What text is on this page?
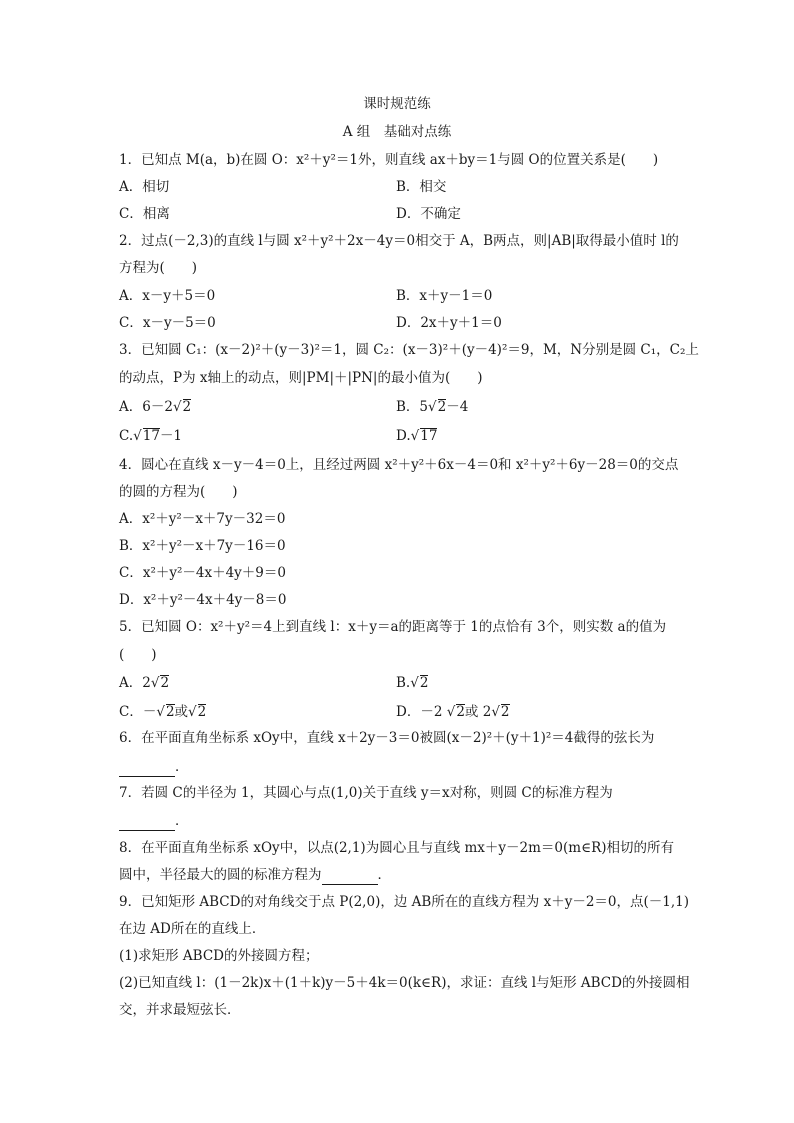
课时规范练
A 组　基础对点练
1．已知点 M(a，b)在圆 O：x²＋y²＝1外，则直线 ax＋by＝1与圆 O的位置关系是(　　)
A．相切	B．相交
C．相离	D．不确定
2．过点(－2,3)的直线 l与圆 x²＋y²＋2x－4y＝0相交于 A，B两点，则|AB|取得最小值时 l的
方程为(　　)
A．x－y＋5＝0	B．x＋y－1＝0
C．x－y－5＝0	D．2x＋y＋1＝0
3．已知圆 C₁：(x－2)²＋(y－3)²＝1，圆 C₂：(x－3)²＋(y－4)²＝9，M，N分别是圆 C₁，C₂上
的动点，P为 x轴上的动点，则|PM|＋|PN|的最小值为(　　)
A．6－2√2	B．5√2－4
C.√17－1	D.√17
4．圆心在直线 x－y－4＝0上，且经过两圆 x²＋y²＋6x－4＝0和 x²＋y²＋6y－28＝0的交点
的圆的方程为(　　)
A．x²＋y²－x＋7y－32＝0
B．x²＋y²－x＋7y－16＝0
C．x²＋y²－4x＋4y＋9＝0
D．x²＋y²－4x＋4y－8＝0
5．已知圆 O：x²＋y²＝4上到直线 l：x＋y＝a的距离等于 1的点恰有 3个，则实数 a的值为
(　　)
A．2√2	B.√2
C．－√2或√2	D．－2 √2或 2√2
6．在平面直角坐标系 xOy中，直线 x＋2y－3＝0被圆(x－2)²＋(y＋1)²＝4截得的弦长为
．
7．若圆 C的半径为 1，其圆心与点(1,0)关于直线 y＝x对称，则圆 C的标准方程为
．
8．在平面直角坐标系 xOy中，以点(2,1)为圆心且与直线 mx＋y－2m＝0(m∈R)相切的所有
圆中，半径最大的圆的标准方程为	．
9．已知矩形 ABCD的对角线交于点 P(2,0)，边 AB所在的直线方程为 x＋y－2＝0，点(－1,1)
在边 AD所在的直线上．
(1)求矩形 ABCD的外接圆方程；
(2)已知直线 l：(1－2k)x＋(1＋k)y－5＋4k＝0(k∈R)，求证：直线 l与矩形 ABCD的外接圆相
交，并求最短弦长．
